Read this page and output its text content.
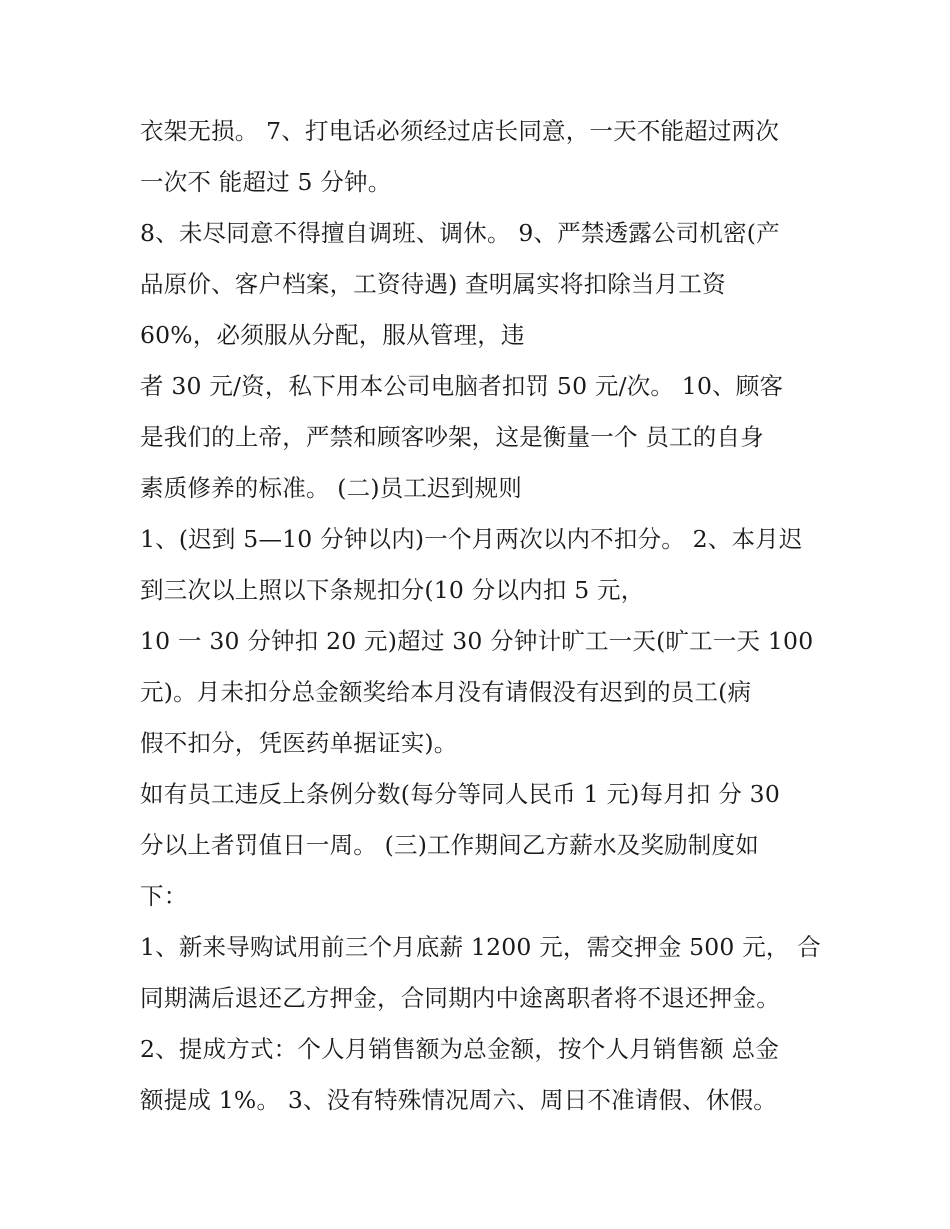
衣架无损。 7、打电话必须经过店长同意，一天不能超过两次
一次不 能超过 5 分钟。
8、未尽同意不得擅自调班、调休。 9、严禁透露公司机密(产
品原价、客户档案，工资待遇) 查明属实将扣除当月工资
60%，必须服从分配，服从管理，违
者 30 元/资，私下用本公司电脑者扣罚 50 元/次。 10、顾客
是我们的上帝，严禁和顾客吵架，这是衡量一个 员工的自身
素质修养的标准。 (二)员工迟到规则
1、(迟到 5—10 分钟以内)一个月两次以内不扣分。 2、本月迟
到三次以上照以下条规扣分(10 分以内扣 5 元，
10 一 30 分钟扣 20 元)超过 30 分钟计旷工一天(旷工一天 100
元)。月未扣分总金额奖给本月没有请假没有迟到的员工(病
假不扣分，凭医药单据证实)。
如有员工违反上条例分数(每分等同人民币 1 元)每月扣 分 30
分以上者罚值日一周。 (三)工作期间乙方薪水及奖励制度如
下：
1、新来导购试用前三个月底薪 1200 元，需交押金 500 元， 合
同期满后退还乙方押金，合同期内中途离职者将不退还押金。
2、提成方式：个人月销售额为总金额，按个人月销售额 总金
额提成 1%。 3、没有特殊情况周六、周日不准请假、休假。
